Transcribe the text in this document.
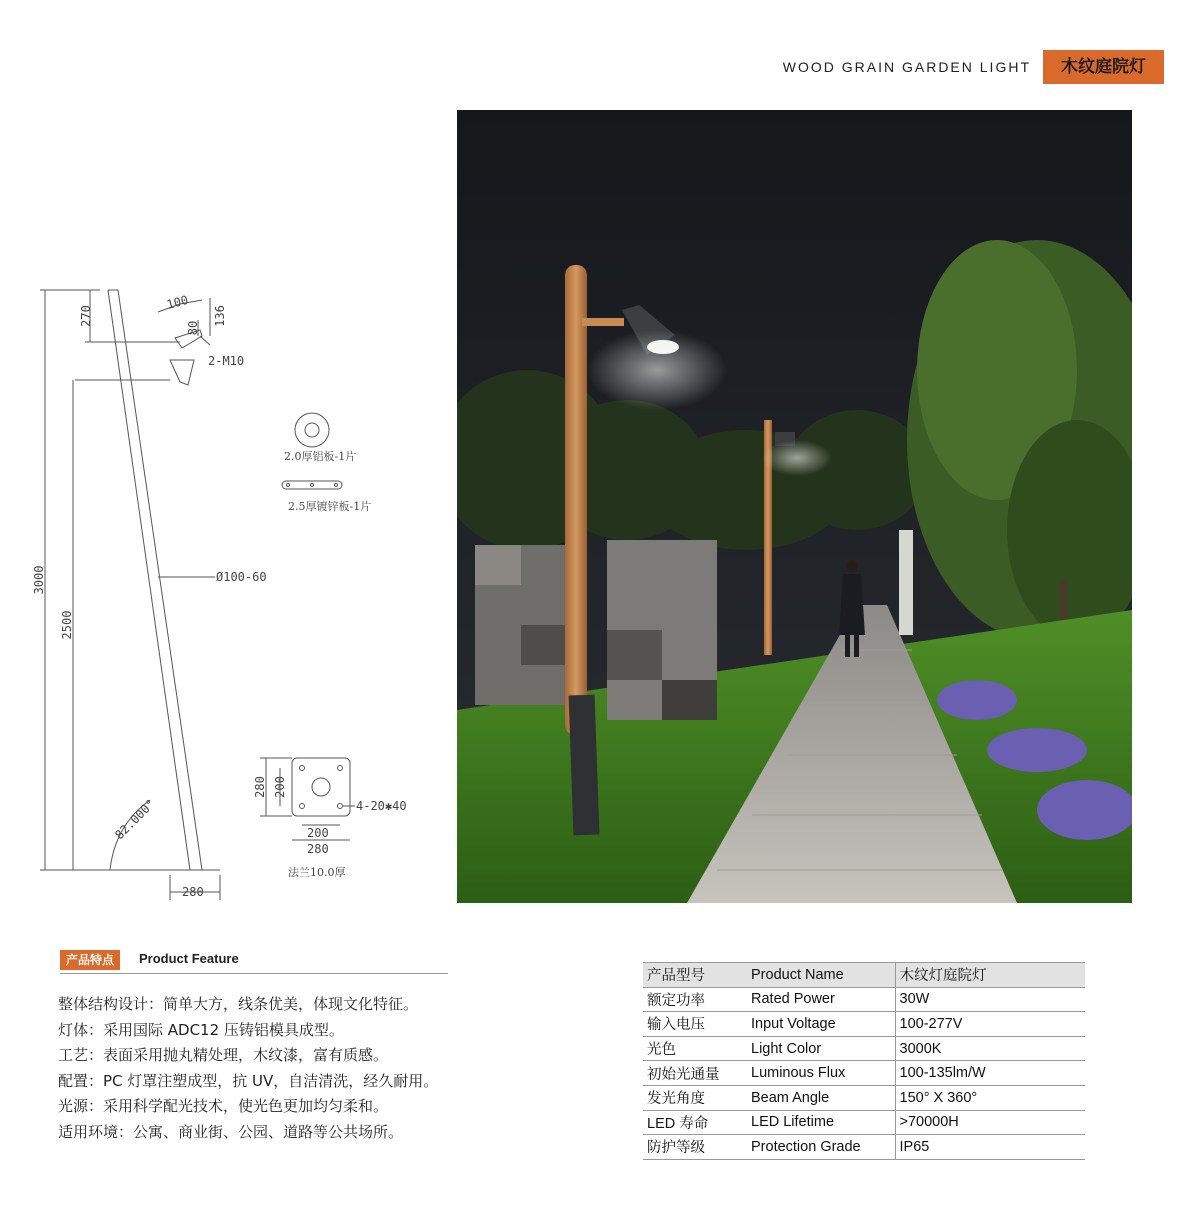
WOOD GRAIN GARDEN LIGHT	木纹庭院灯
270
100
80
136
2-M10
3000
2500
Ø100-60
82.000°
280
2.0厚铝板-1片
2.5厚镀锌板-1片
280 200
4-20✱40
200
280
法兰10.0厚
产品特点	Product Feature
整体结构设计：简单大方，线条优美，体现文化特征。
灯体：采用国际 ADC12 压铸铝模具成型。
工艺：表面采用抛丸精处理，木纹漆，富有质感。
配置：PC 灯罩注塑成型，抗 UV，自洁清洗，经久耐用。
光源：采用科学配光技术，使光色更加均匀柔和。
适用环境：公寓、商业街、公园、道路等公共场所。
产品型号	Product Name	木纹灯庭院灯
额定功率	Rated Power	30W
输入电压	Input Voltage	100-277V
光色	Light Color	3000K
初始光通量	Luminous Flux	100-135lm/W
发光角度	Beam Angle	150° X 360°
LED 寿命	LED Lifetime	>70000H
防护等级	Protection Grade	IP65
